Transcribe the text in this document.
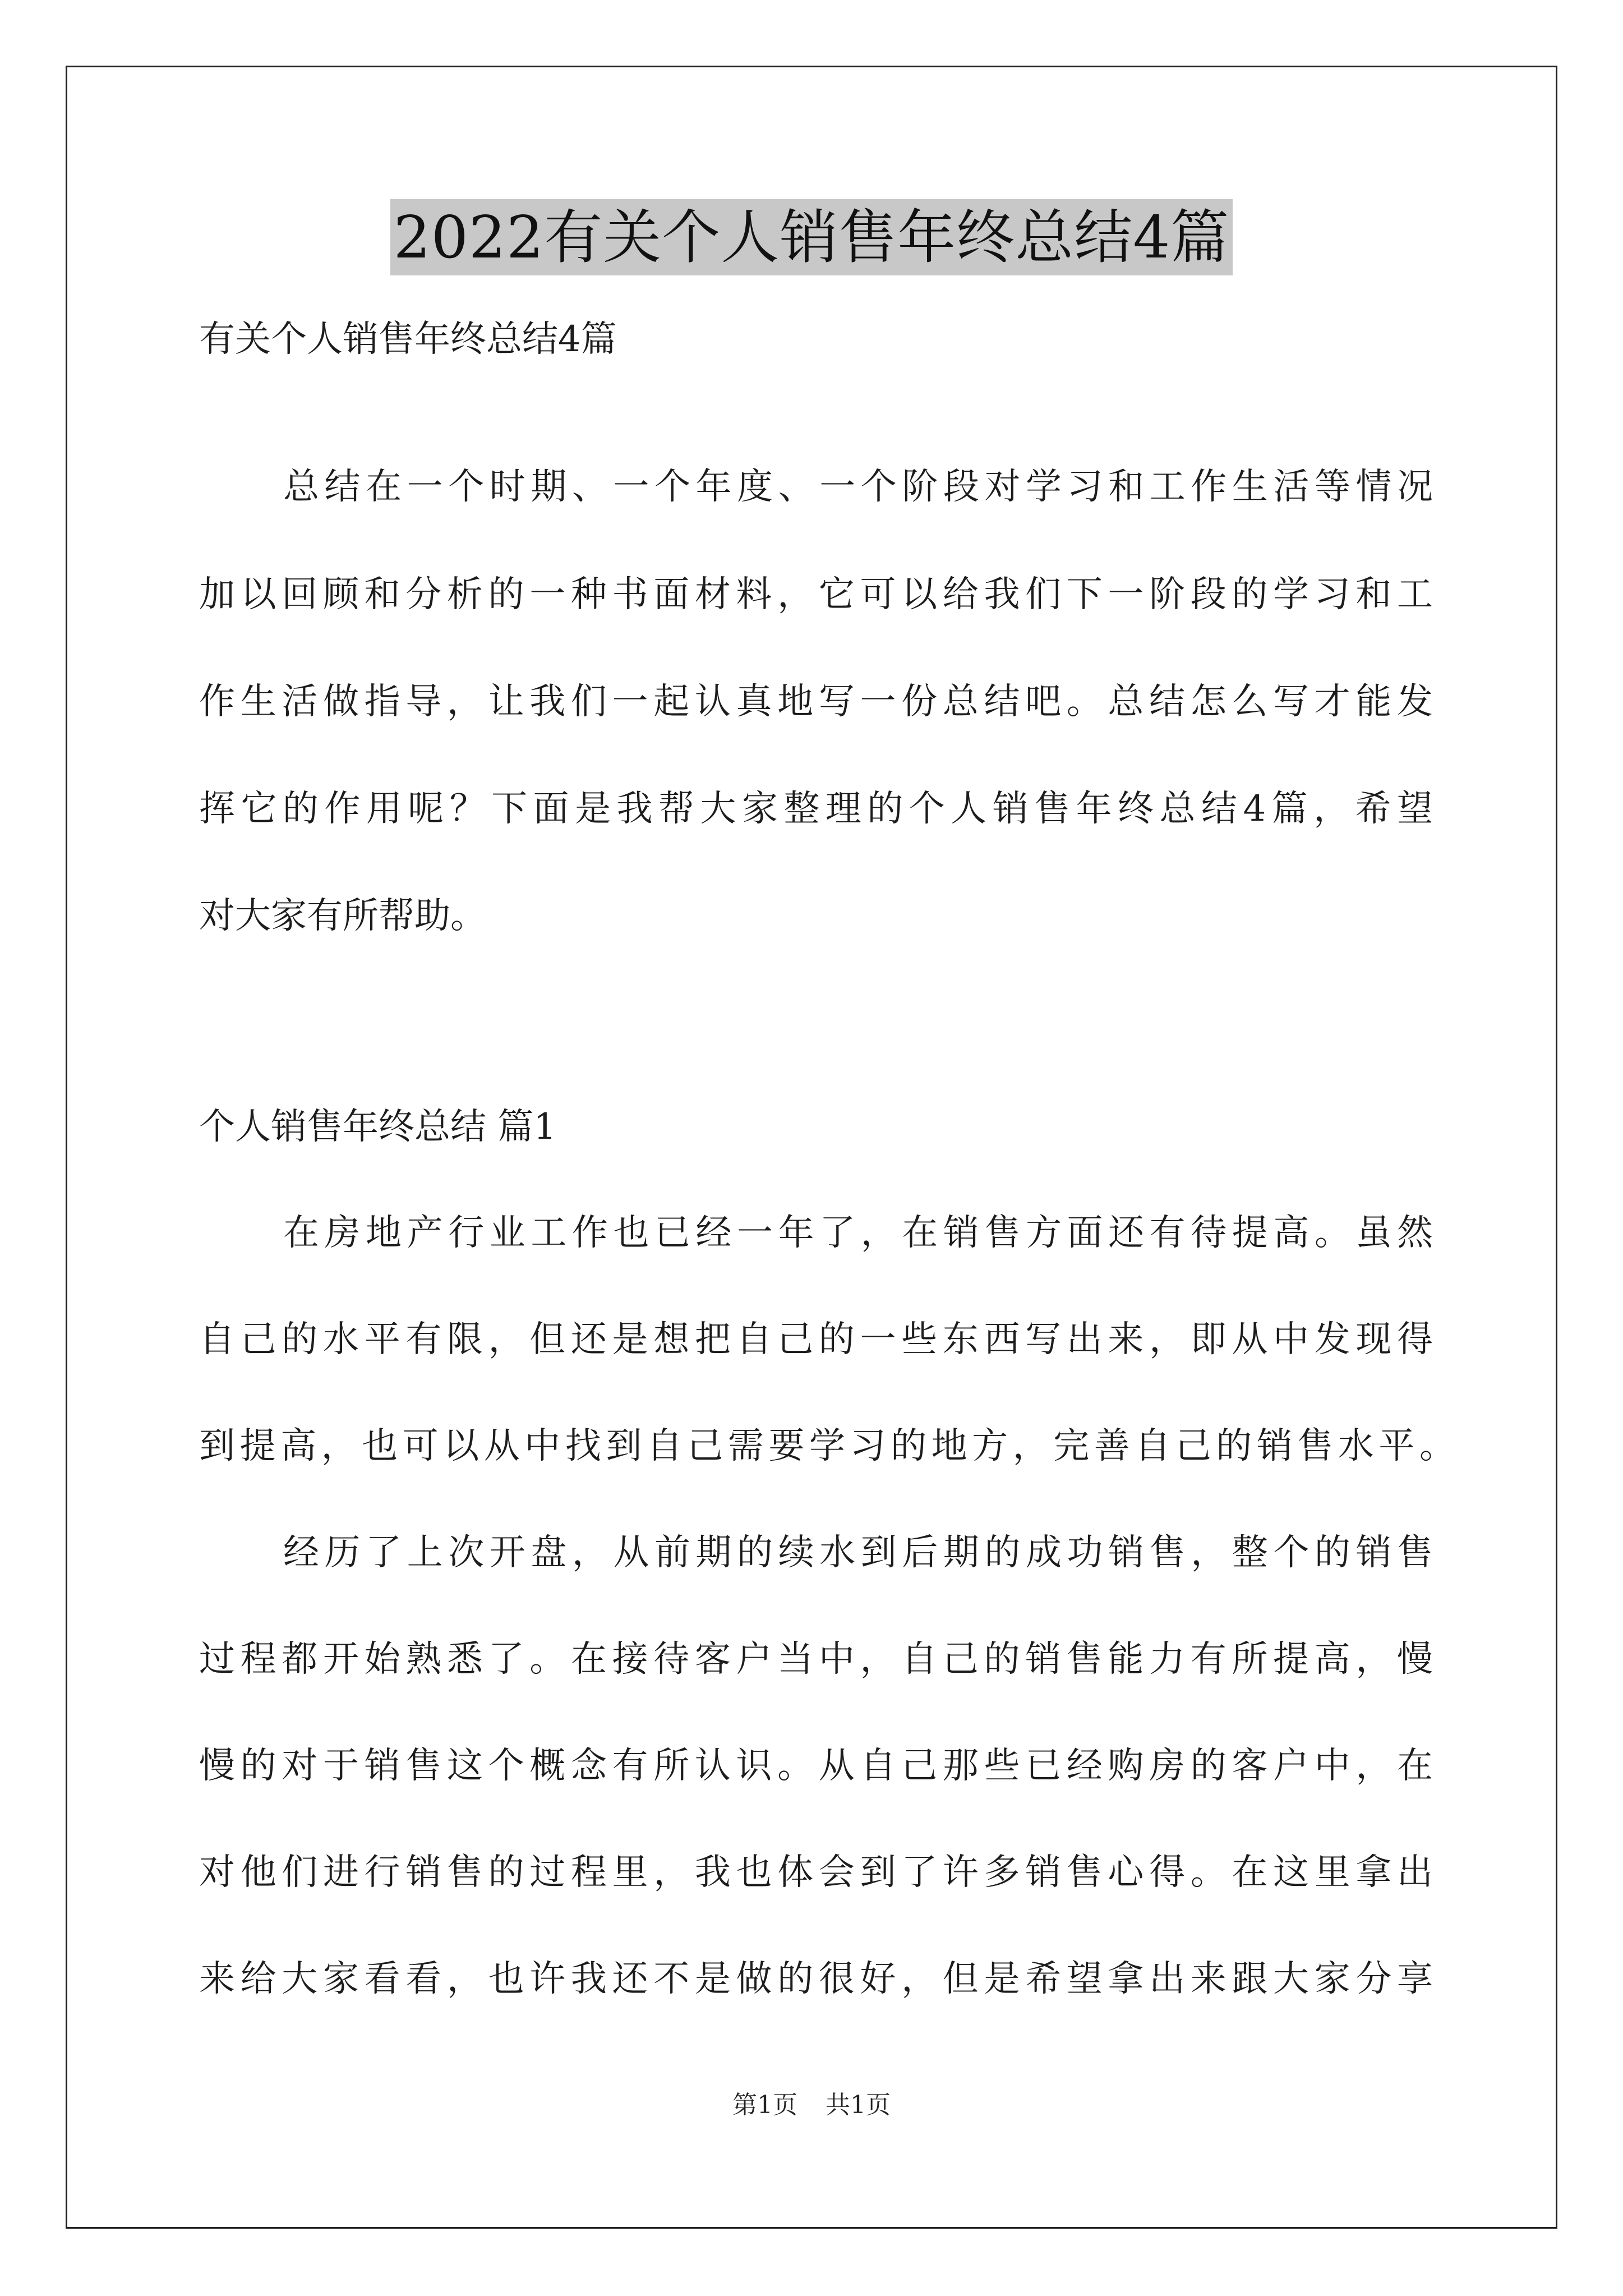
2022有关个人销售年终总结4篇
有关个人销售年终总结4篇
总结在一个时期、一个年度、一个阶段对学习和工作生活等情况
加以回顾和分析的一种书面材料，它可以给我们下一阶段的学习和工
作生活做指导，让我们一起认真地写一份总结吧。总结怎么写才能发
挥它的作用呢？下面是我帮大家整理的个人销售年终总结4篇，希望
对大家有所帮助。
个人销售年终总结 篇1
在房地产行业工作也已经一年了，在销售方面还有待提高。虽然
自己的水平有限，但还是想把自己的一些东西写出来，即从中发现得
到提高，也可以从中找到自己需要学习的地方，完善自己的销售水平。
经历了上次开盘，从前期的续水到后期的成功销售，整个的销售
过程都开始熟悉了。在接待客户当中，自己的销售能力有所提高，慢
慢的对于销售这个概念有所认识。从自己那些已经购房的客户中，在
对他们进行销售的过程里，我也体会到了许多销售心得。在这里拿出
来给大家看看，也许我还不是做的很好，但是希望拿出来跟大家分享
第1页 共1页
